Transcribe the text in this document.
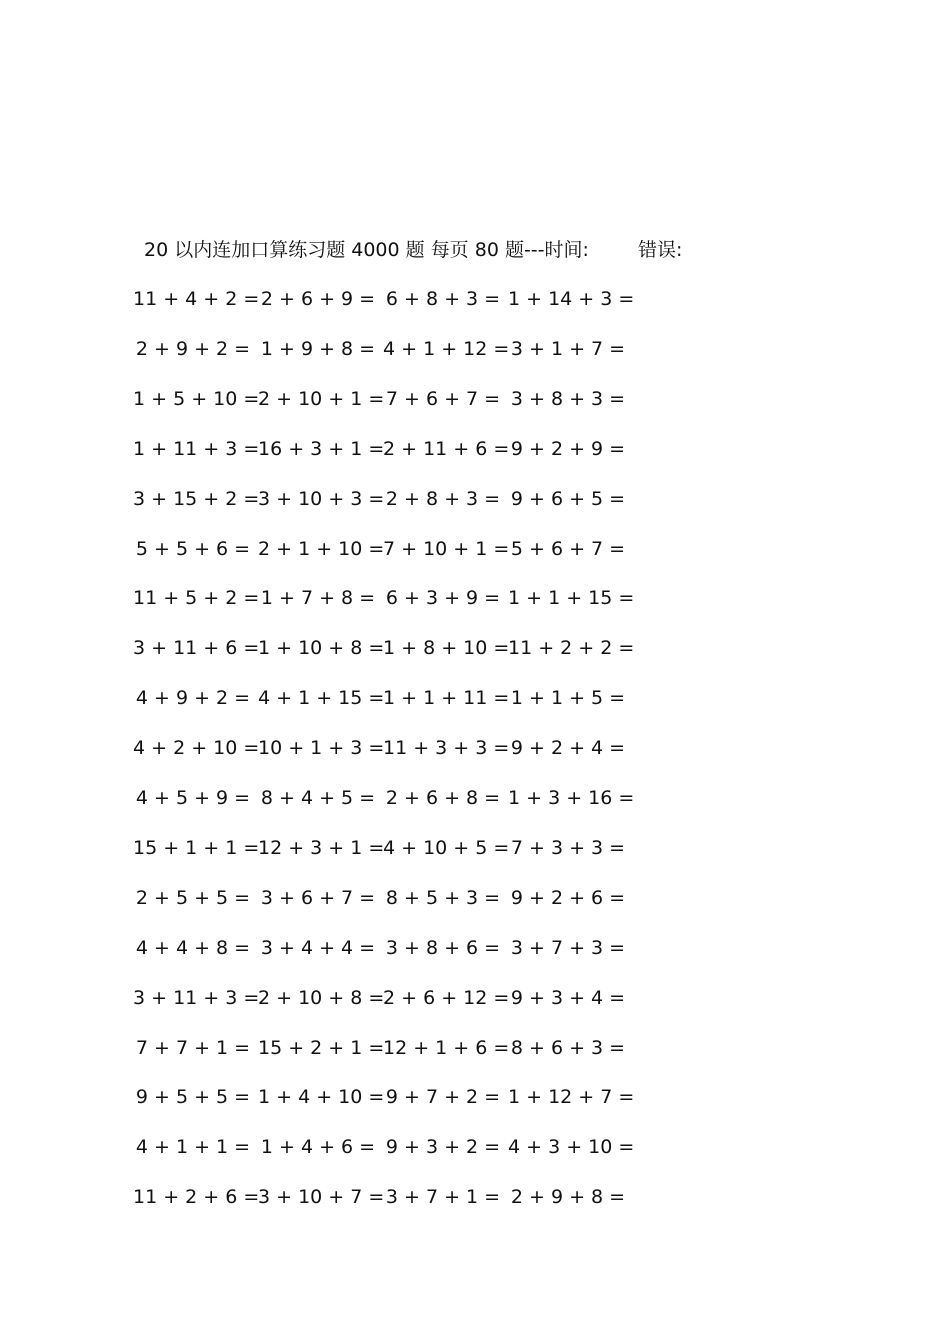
20 以内连加口算练习题 4000 题 每页 80 题---时间:	错误:
11 + 4 + 2 = 2 + 6 + 9 = 6 + 8 + 3 = 1 + 14 + 3 =
2 + 9 + 2 = 1 + 9 + 8 = 4 + 1 + 12 = 3 + 1 + 7 =
1 + 5 + 10 =
2 + 10 + 1 = 7 + 6 + 7 = 3 + 8 + 3 =
1 + 11 + 3 =
16 + 3 + 1 =
2 + 11 + 6 = 9 + 2 + 9 =
3 + 15 + 2 =
3 + 10 + 3 = 2 + 8 + 3 = 9 + 6 + 5 =
5 + 5 + 6 = 2 + 1 + 10 =
7 + 10 + 1 = 5 + 6 + 7 =
11 + 5 + 2 = 1 + 7 + 8 = 6 + 3 + 9 = 1 + 1 + 15 =
3 + 11 + 6 =
1 + 10 + 8 =
1 + 8 + 10 =
11 + 2 + 2 =
4 + 9 + 2 = 4 + 1 + 15 =
1 + 1 + 11 = 1 + 1 + 5 =
4 + 2 + 10 =
10 + 1 + 3 =
11 + 3 + 3 = 9 + 2 + 4 =
4 + 5 + 9 = 8 + 4 + 5 = 2 + 6 + 8 = 1 + 3 + 16 =
15 + 1 + 1 =
12 + 3 + 1 =
4 + 10 + 5 = 7 + 3 + 3 =
2 + 5 + 5 = 3 + 6 + 7 = 8 + 5 + 3 = 9 + 2 + 6 =
4 + 4 + 8 = 3 + 4 + 4 = 3 + 8 + 6 = 3 + 7 + 3 =
3 + 11 + 3 =
2 + 10 + 8 =
2 + 6 + 12 = 9 + 3 + 4 =
7 + 7 + 1 = 15 + 2 + 1 =
12 + 1 + 6 = 8 + 6 + 3 =
9 + 5 + 5 = 1 + 4 + 10 = 9 + 7 + 2 = 1 + 12 + 7 =
4 + 1 + 1 = 1 + 4 + 6 = 9 + 3 + 2 = 4 + 3 + 10 =
11 + 2 + 6 =
3 + 10 + 7 = 3 + 7 + 1 = 2 + 9 + 8 =
